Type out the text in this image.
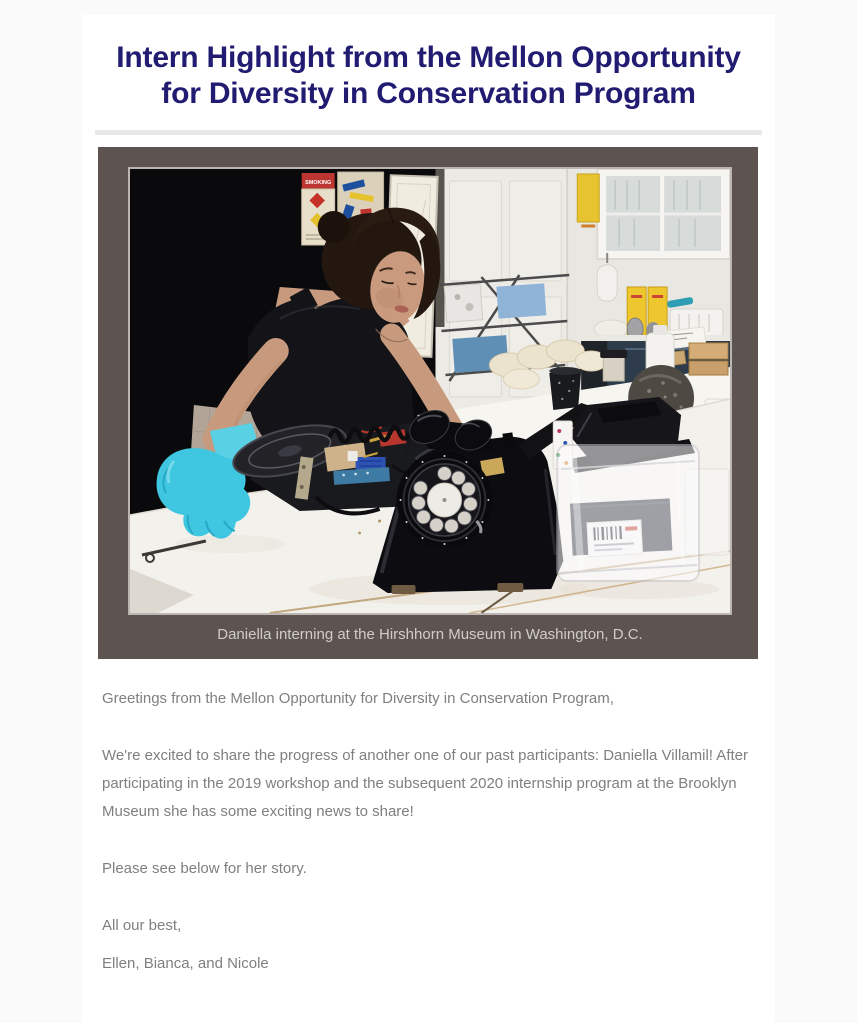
Intern Highlight from the Mellon Opportunity for Diversity in Conservation Program
SMOKING
Daniella interning at the Hirshhorn Museum in Washington, D.C.

Greetings from the Mellon Opportunity for Diversity in Conservation Program,

We're excited to share the progress of another one of our past participants: Daniella Villamil! After participating in the 2019 workshop and the subsequent 2020 internship program at the Brooklyn Museum she has some exciting news to share!

Please see below for her story.

All our best,

Ellen, Bianca, and Nicole
